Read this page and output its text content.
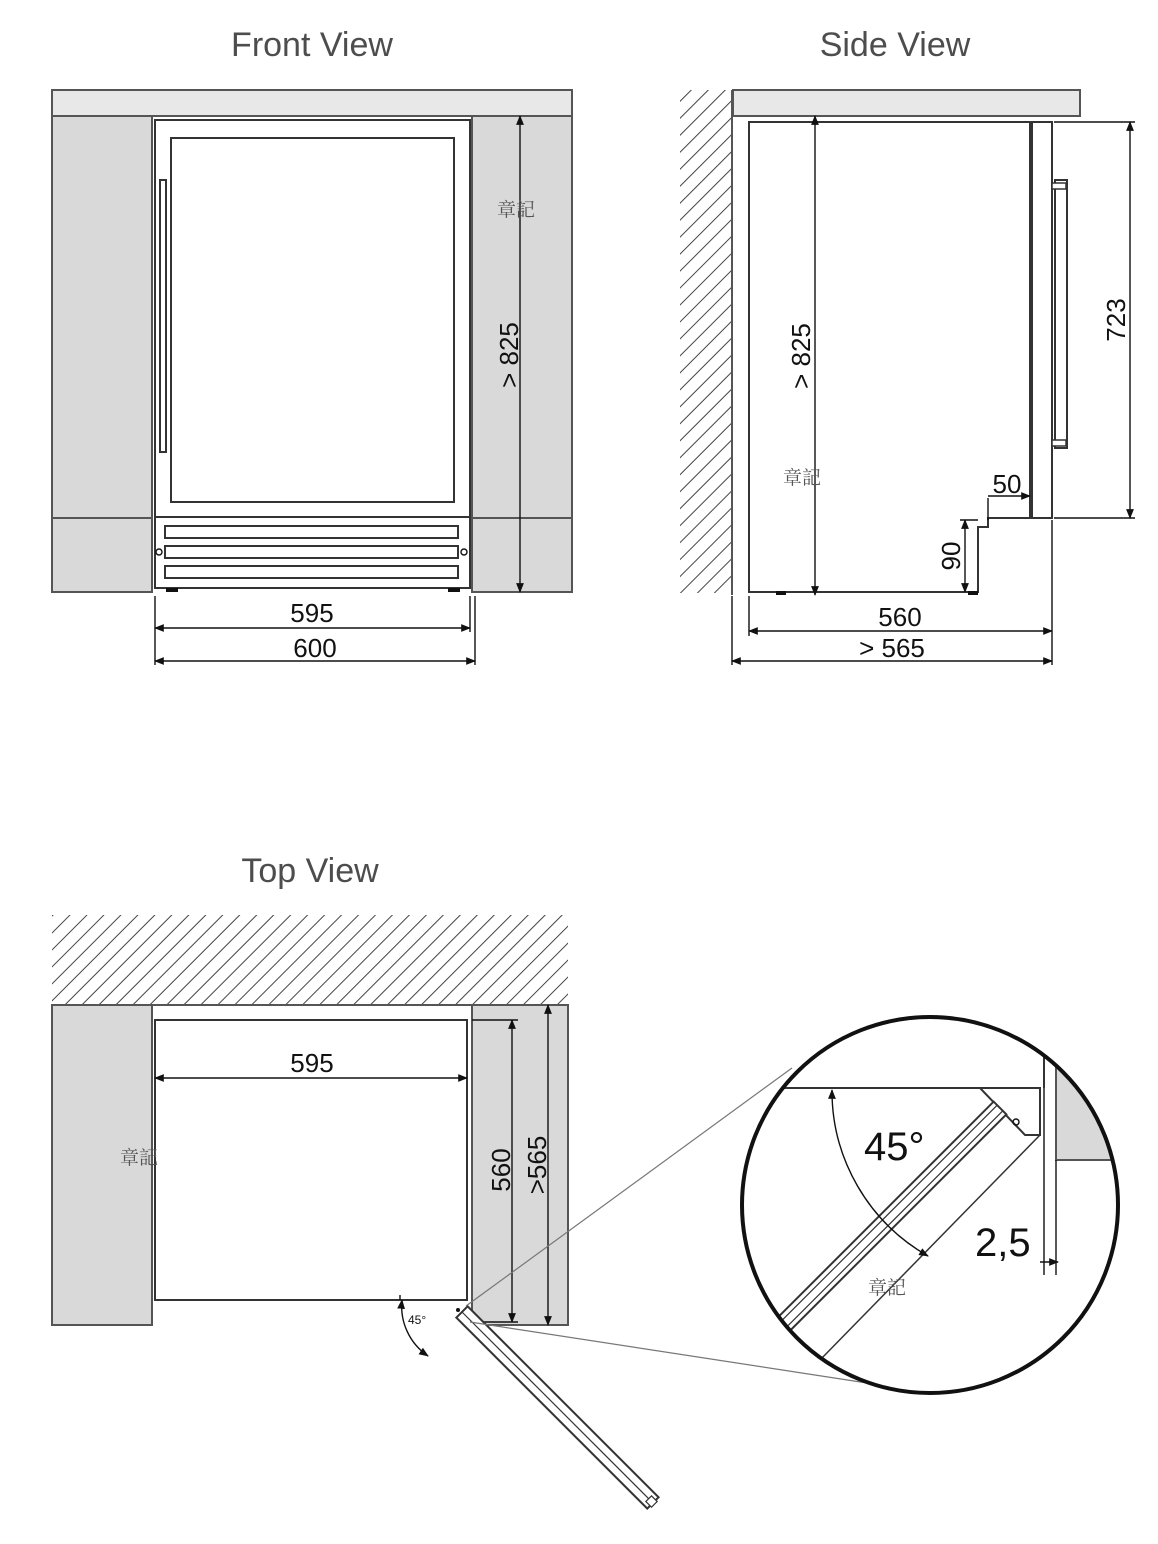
Front View
> 825
章記
595
600
Side View
> 825
章記
723
50
90
560
> 565
Top View
595
章記	560 >565
45°
45°
2,5
章記
